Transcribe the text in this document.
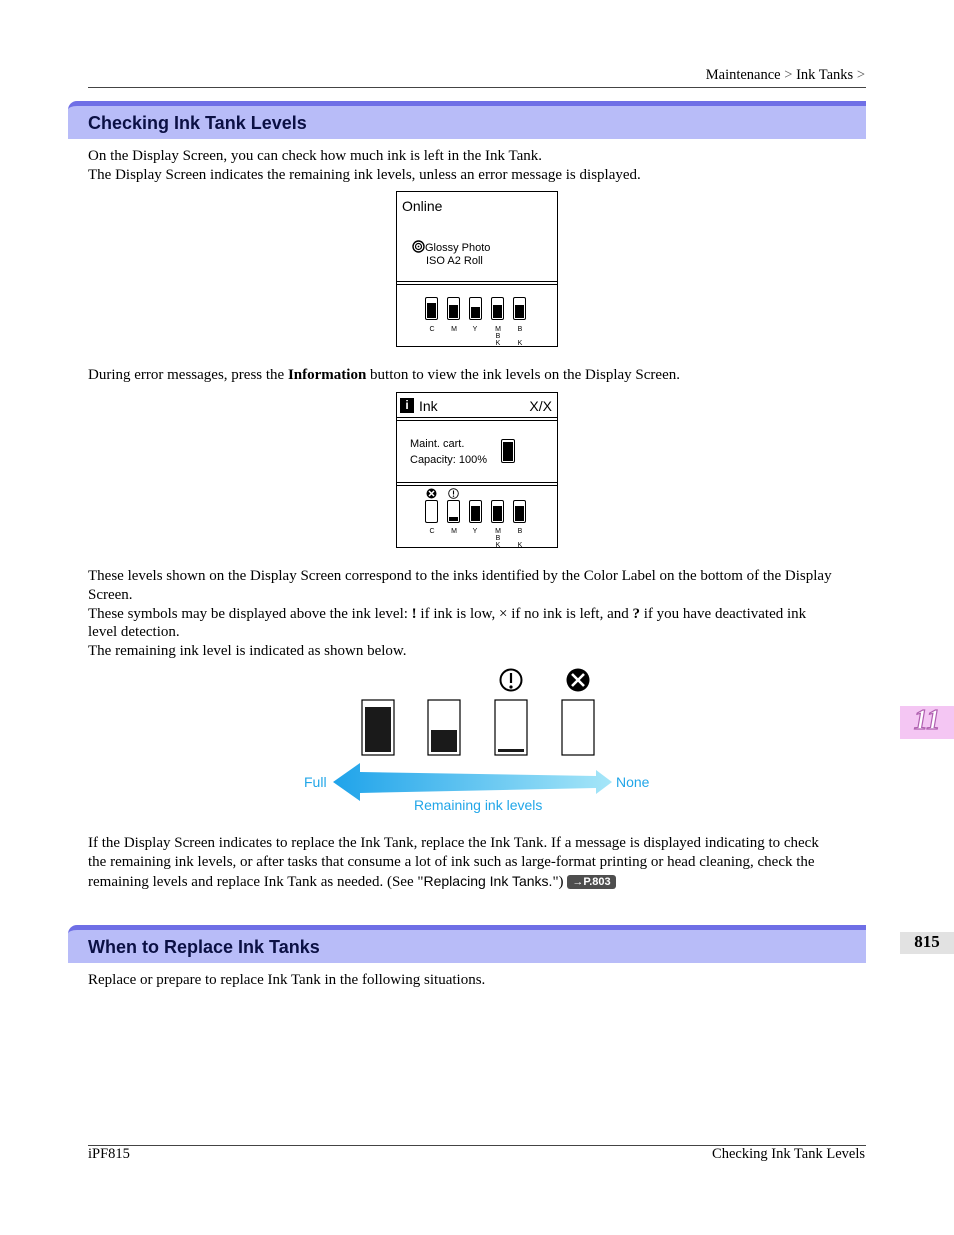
Maintenance > Ink Tanks >
Checking Ink Tank Levels
On the Display Screen, you can check how much ink is left in the Ink Tank.
The Display Screen indicates the remaining ink levels, unless an error message is displayed.
Online
Glossy Photo
ISO A2 Roll
C	M	Y	M
B
K
B

K
During error messages, press the Information button to view the ink levels on the Display Screen.
i Ink	X/X
Maint. cart.
Capacity: 100%
C	M	Y	M
B
K
B

K
These levels shown on the Display Screen correspond to the inks identified by the Color Label on the bottom of the Display
Screen.
These symbols may be displayed above the ink level: ! if ink is low, × if no ink is left, and ? if you have deactivated ink
level detection.
The remaining ink level is indicated as shown below.
Full	None
Remaining ink levels
If the Display Screen indicates to replace the Ink Tank, replace the Ink Tank. If a message is displayed indicating to check
the remaining ink levels, or after tasks that consume a lot of ink such as large-format printing or head cleaning, check the
remaining levels and replace Ink Tank as needed. (See "Replacing Ink Tanks.") →P.803
When to Replace Ink Tanks
Replace or prepare to replace Ink Tank in the following situations.
11
815
iPF815	Checking Ink Tank Levels
